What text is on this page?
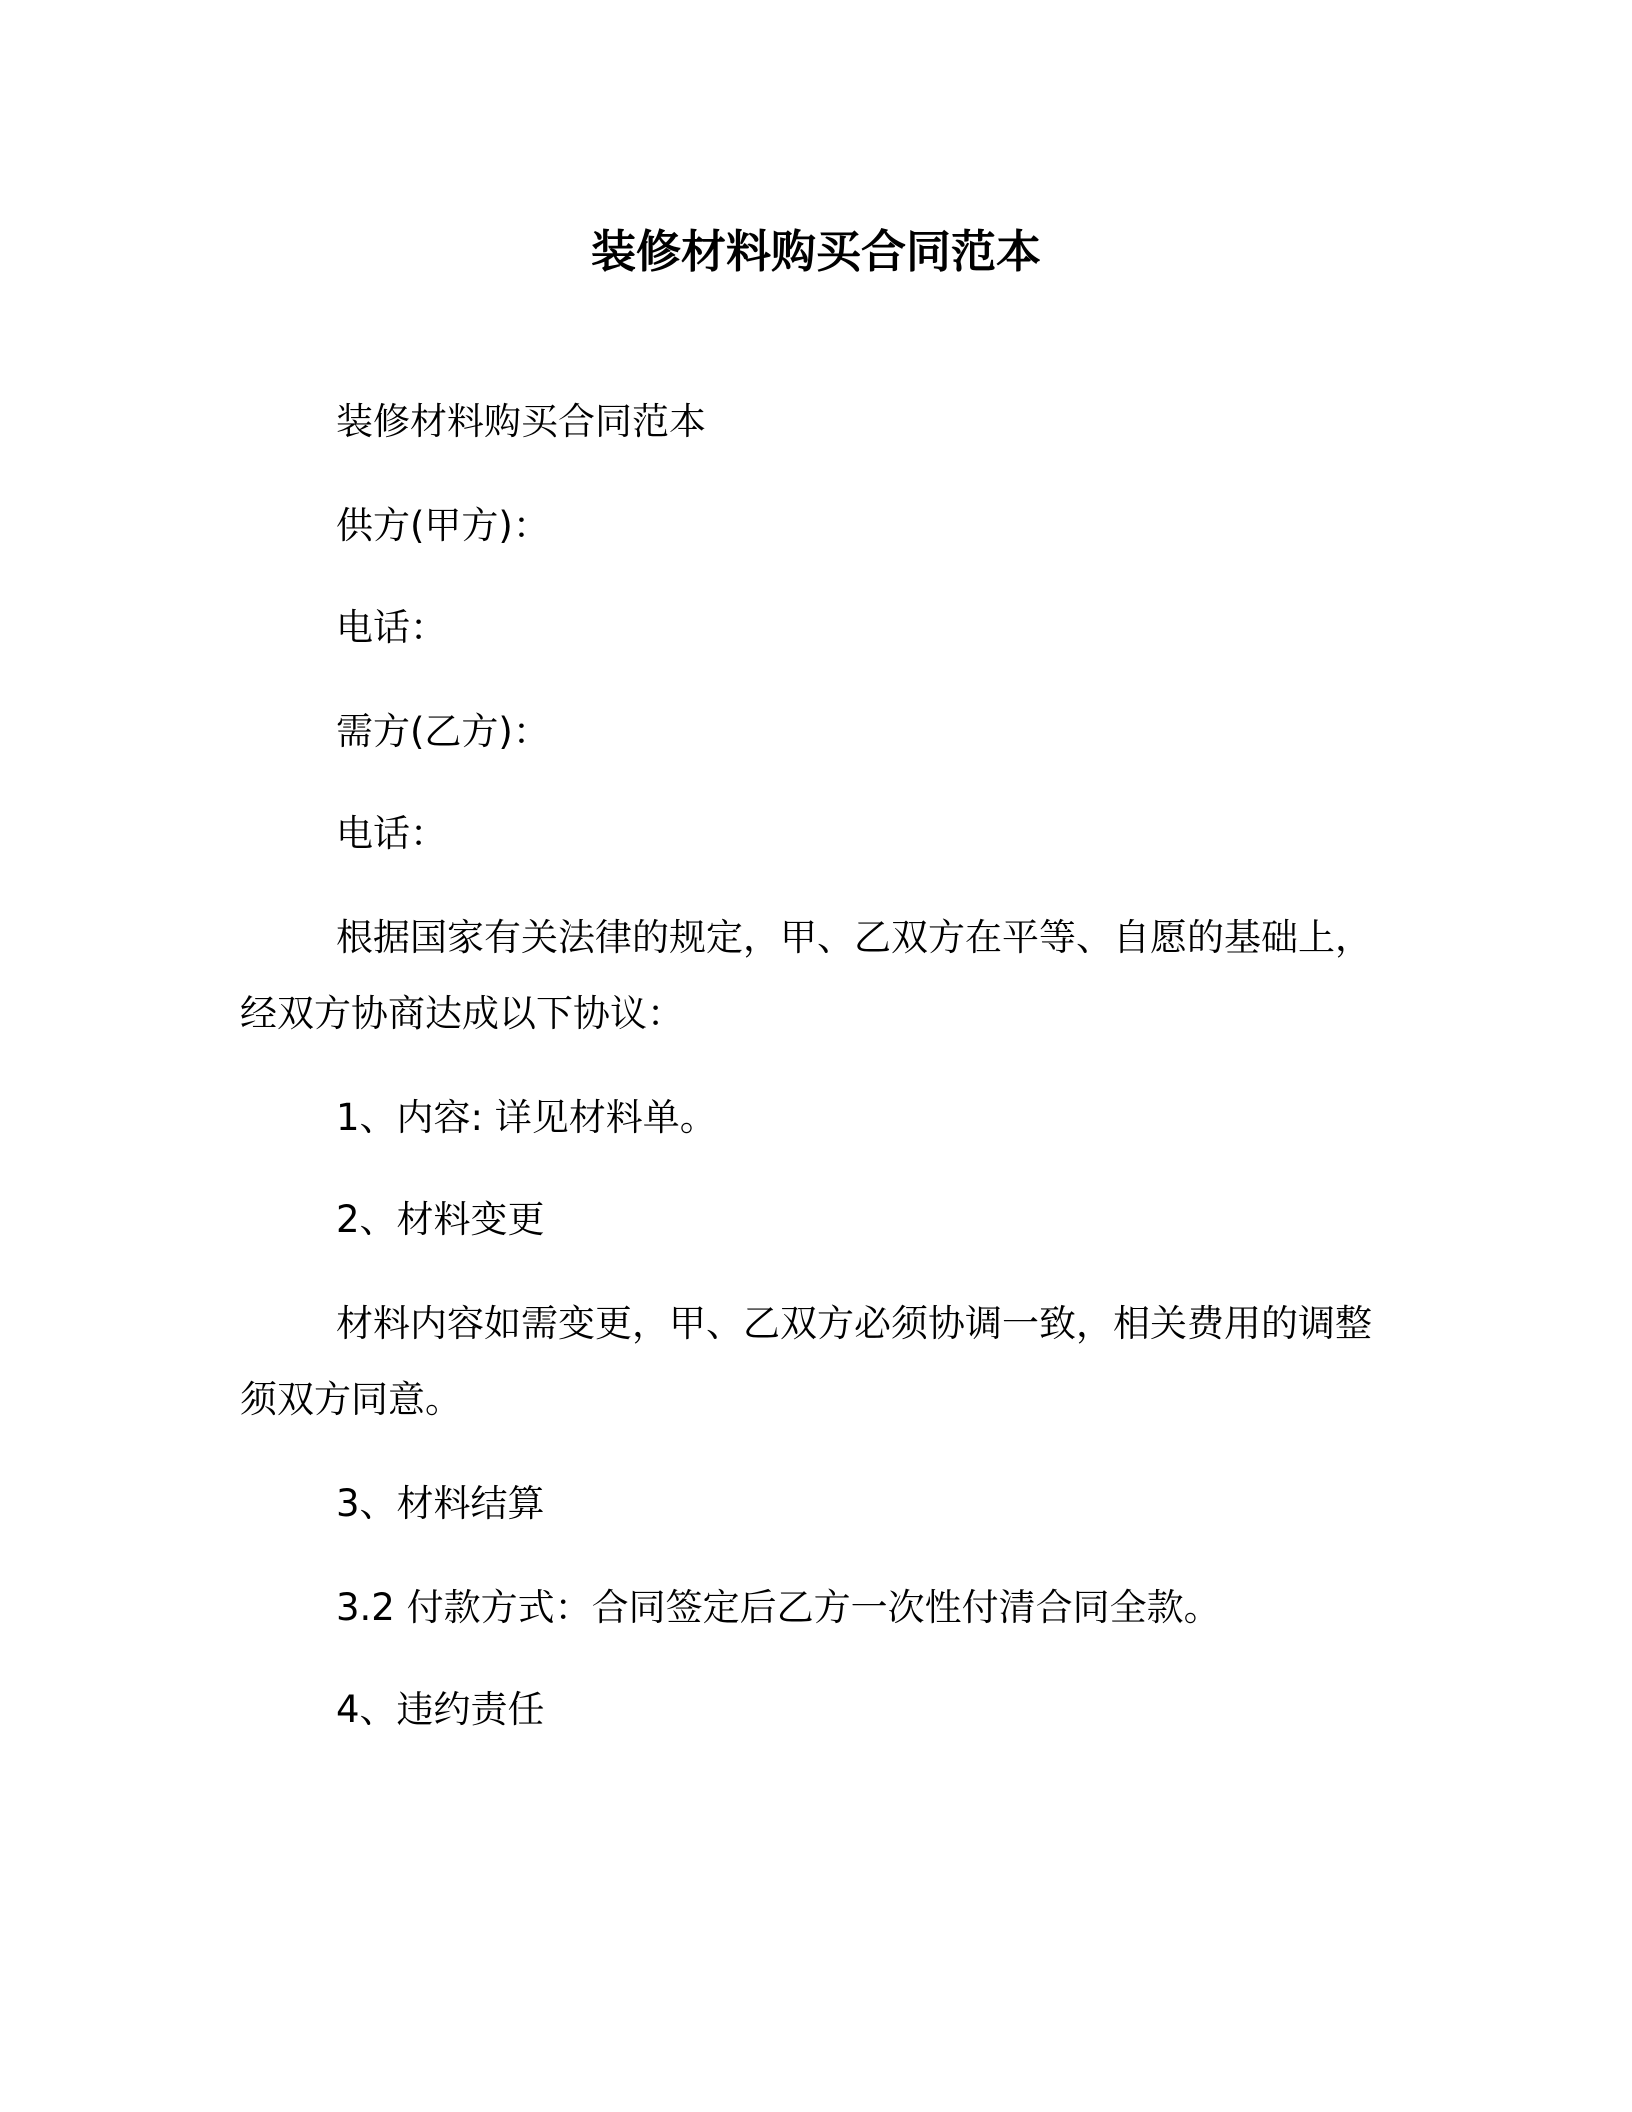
装修材料购买合同范本
装修材料购买合同范本
供方(甲方)：
电话：
需方(乙方)：
电话：
根据国家有关法律的规定，甲、乙双方在平等、自愿的基础上，
经双方协商达成以下协议：
1、内容: 详见材料单。
2、材料变更
材料内容如需变更，甲、乙双方必须协调一致，相关费用的调整
须双方同意。
3、材料结算
3.2 付款方式：合同签定后乙方一次性付清合同全款。
4、违约责任
